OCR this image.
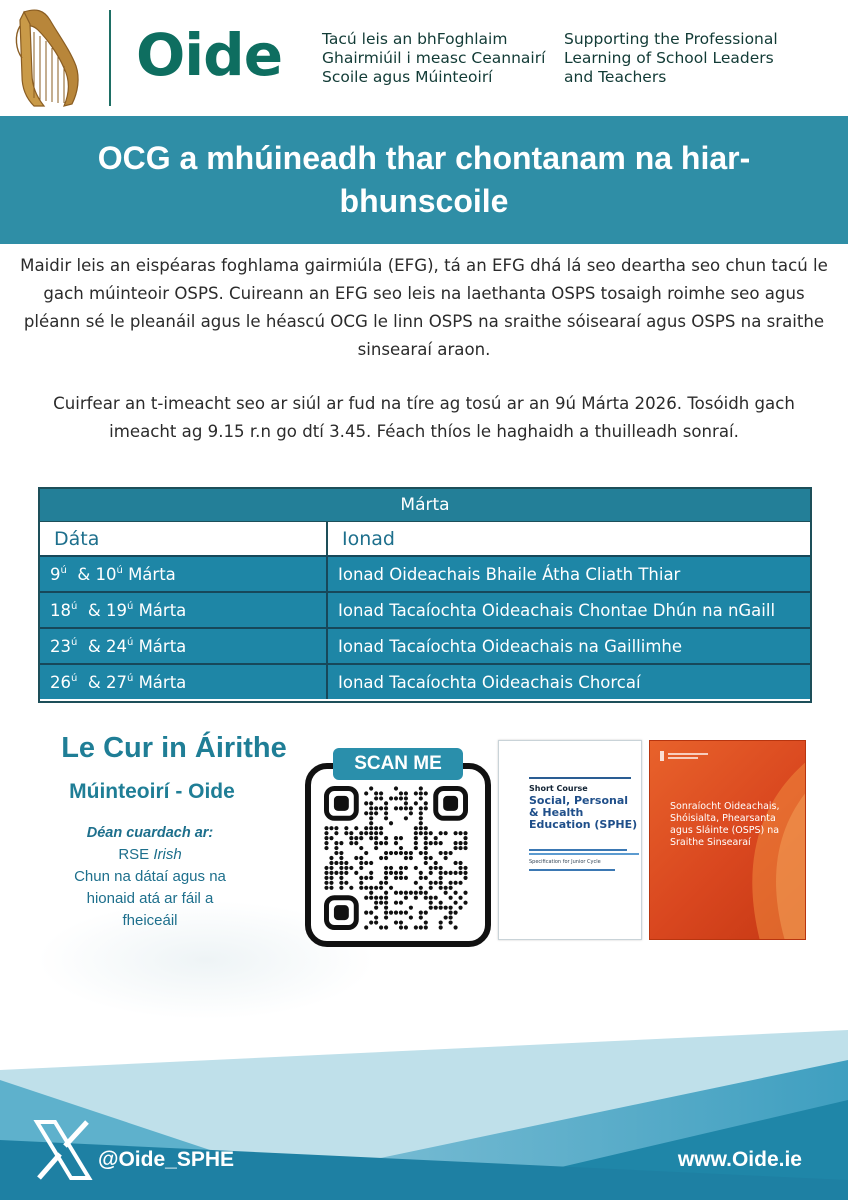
Oide	Tacú leis an bhFoghlaim
Ghairmiúil i measc Ceannairí
Scoile agus Múinteoirí
Supporting the Professional
Learning of School Leaders
and Teachers
OCG a mhúineadh thar chontanam na hiar-bhunscoile

Maidir leis an eispéaras foghlama gairmiúla (EFG), tá an EFG dhá lá seo deartha seo chun tacú le gach múinteoir OSPS. Cuireann an EFG seo leis na laethanta OSPS tosaigh roimhe seo agus pléann sé le pleanáil agus le héascú OCG le linn OSPS na sraithe sóisearaí agus OSPS na sraithe sinsearaí araon.

Cuirfear an t-imeacht seo ar siúl ar fud na tíre ag tosú ar an 9ú Márta 2026. Tosóidh gach imeacht ag 9.15 r.n go dtí 3.45. Féach thíos le haghaidh a thuilleadh sonraí.

Márta
Dáta	Ionad
$9^ú$ & $10^ú$ Márta	Ionad Oideachais Bhaile Átha Cliath Thiar
$18^ú$ & $19^ú$ Márta	Ionad Tacaíochta Oideachais Chontae Dhún na nGaill
$23^ú$ & $24^ú$ Márta	Ionad Tacaíochta Oideachais na Gaillimhe
$26^ú$ & $27^ú$ Márta	Ionad Tacaíochta Oideachais Chorcaí
Le Cur in Áirithe
Múinteoirí - Oide
Déan cuardach ar:
RSE Irish
Chun na dátaí agus na hionaid atá ar fáil a fheiceáil
SCAN ME
Short Course
Social, Personal & Health Education (SPHE)
Specification for Junior Cycle
Sonraíocht Oideachais, Shóisialta, Phearsanta agus Sláinte (OSPS) na Sraithe Sinsearaí
@Oide_SPHE	www.Oide.ie
